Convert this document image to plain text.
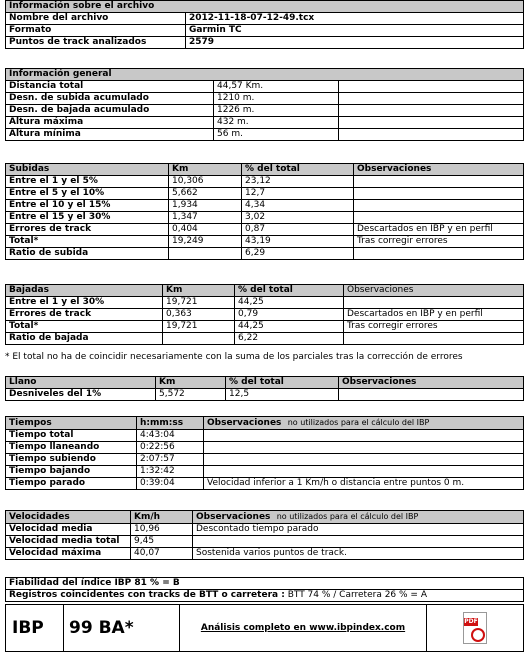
Información sobre el archivo	
Nombre del archivo	2012-11-18-07-12-49.tcx
Formato	Garmin TC
Puntos de track analizados	2579
Información general		
Distancia total	44,57 Km.	
Desn. de subida acumulado	1210 m.	
Desn. de bajada acumulado	1226 m.	
Altura máxima	432 m.	
Altura mínima	56 m.	
Subidas	Km	% del total	Observaciones
Entre el 1 y el 5%	10,306	23,12	
Entre el 5 y el 10%	5,662	12,7	
Entre el 10 y el 15%	1,934	4,34	
Entre el 15 y el 30%	1,347	3,02	
Errores de track	0,404	0,87	Descartados en IBP y en perfil
Total*	19,249	43,19	Tras corregir errores
Ratio de subida		6,29	
Bajadas	Km	% del total	Observaciones
Entre el 1 y el 30%	19,721	44,25	
Errores de track	0,363	0,79	Descartados en IBP y en perfil
Total*	19,721	44,25	Tras corregir errores
Ratio de bajada		6,22	
* El total no ha de coincidir necesariamente con la suma de los parciales tras la corrección de errores
Llano	Km	% del total	Observaciones
Desniveles del 1%	5,572	12,5	
Tiempos	h:mm:ss	Observaciones no utilizados para el cálculo del IBP
Tiempo total	4:43:04	
Tiempo llaneando	0:22:56	
Tiempo subiendo	2:07:57	
Tiempo bajando	1:32:42	
Tiempo parado	0:39:04	Velocidad inferior a 1 Km/h o distancia entre puntos 0 m.
Velocidades	Km/h	Observaciones no utilizados para el cálculo del IBP
Velocidad media	10,96	Descontado tiempo parado
Velocidad media total	9,45	
Velocidad máxima	40,07	Sostenida varios puntos de track.
Fiabilidad del índice IBP 81 % = B
Registros coincidentes con tracks de BTT o carretera : BTT 74 % / Carretera 26 % = A
IBP	99 BA*	Análisis completo en www.ibpindex.com	
PDF
